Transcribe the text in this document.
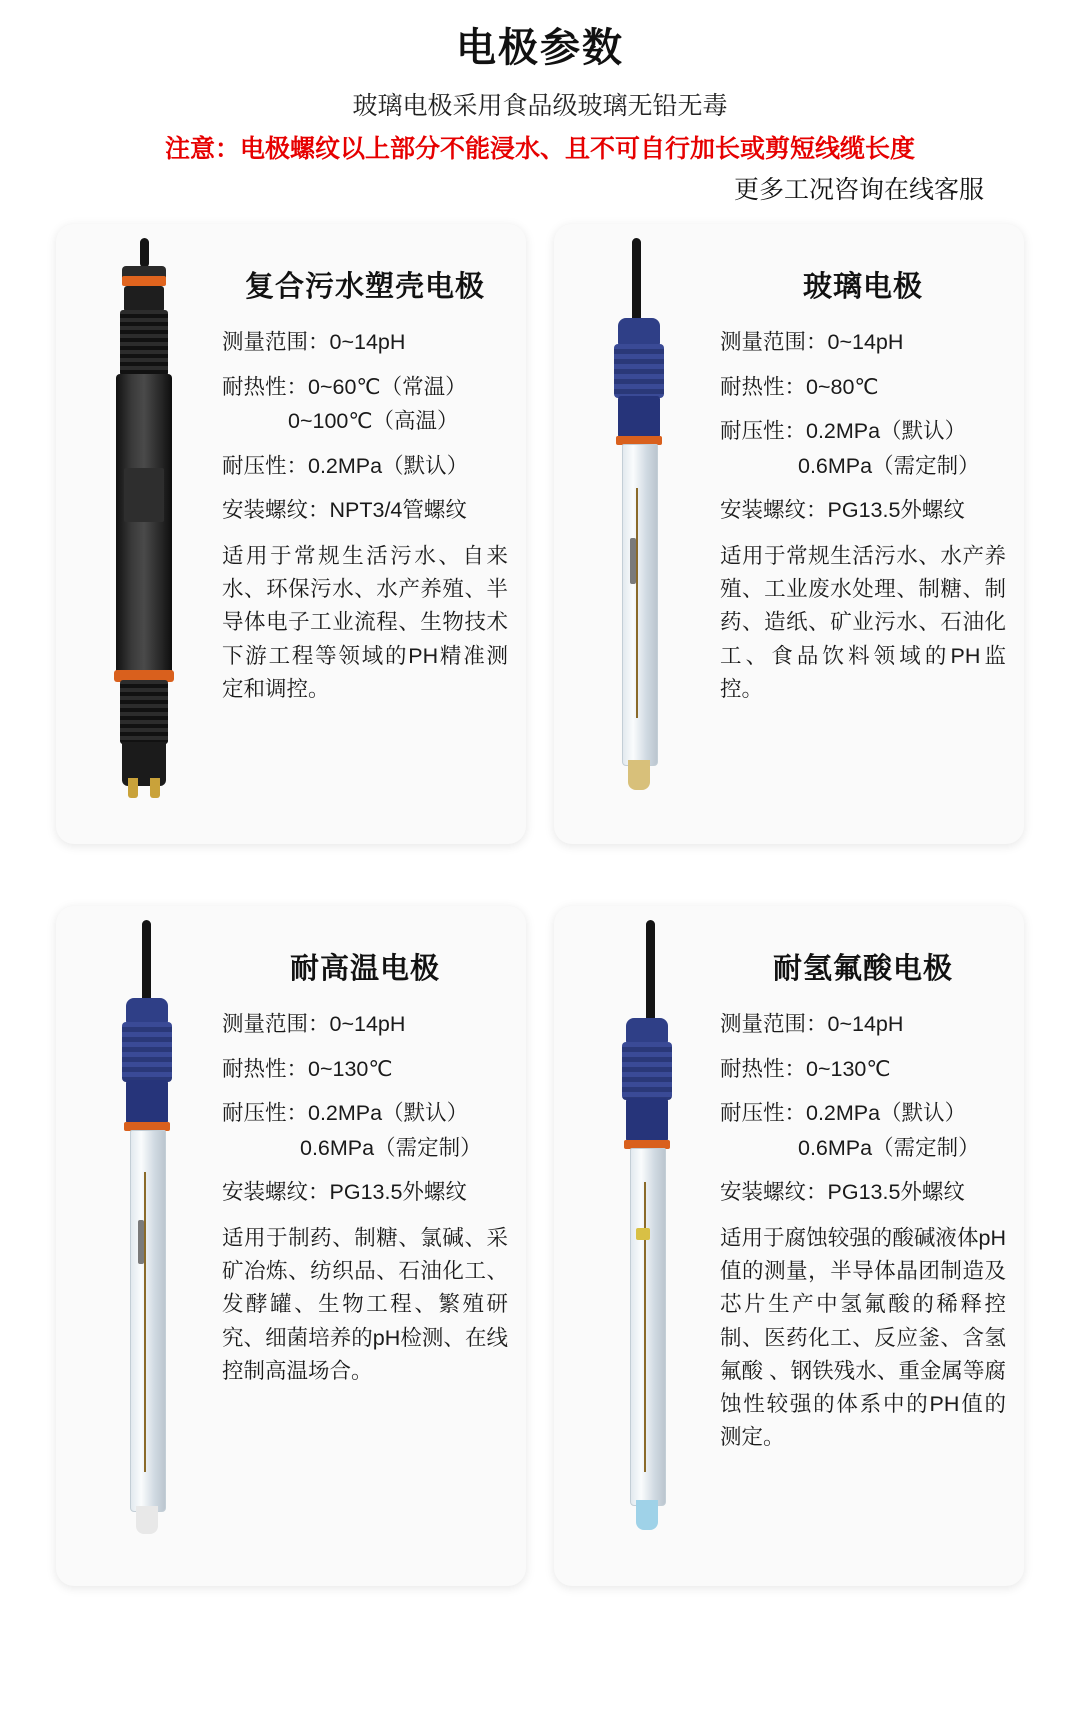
电极参数

玻璃电极采用食品级玻璃无铅无毒

注意：电极螺纹以上部分不能浸水、且不可自行加长或剪短线缆长度

更多工况咨询在线客服

复合污水塑壳电极

测量范围：0~14pH

耐热性：0~60℃（常温）

0~100℃（高温）

耐压性：0.2MPa（默认）

安装螺纹：NPT3/4管螺纹

适用于常规生活污水、自来水、环保污水、水产养殖、半导体电子工业流程、生物技术下游工程等领域的PH精准测定和调控。

玻璃电极

测量范围：0~14pH

耐热性：0~80℃

耐压性：0.2MPa（默认）

0.6MPa（需定制）

安装螺纹：PG13.5外螺纹

适用于常规生活污水、水产养殖、工业废水处理、制糖、制药、造纸、矿业污水、石油化工、食品饮料领域的PH监控。

耐高温电极

测量范围：0~14pH

耐热性：0~130℃

耐压性：0.2MPa（默认）

0.6MPa（需定制）

安装螺纹：PG13.5外螺纹

适用于制药、制糖、氯碱、采矿冶炼、纺织品、石油化工、发酵罐、生物工程、繁殖研究、细菌培养的pH检测、在线控制高温场合。

耐氢氟酸电极

测量范围：0~14pH

耐热性：0~130℃

耐压性：0.2MPa（默认）

0.6MPa（需定制）

安装螺纹：PG13.5外螺纹

适用于腐蚀较强的酸碱液体pH值的测量，半导体晶团制造及芯片生产中氢氟酸的稀释控制、医药化工、反应釜、含氢氟酸 、钢铁残水、重金属等腐蚀性较强的体系中的PH值的测定。
